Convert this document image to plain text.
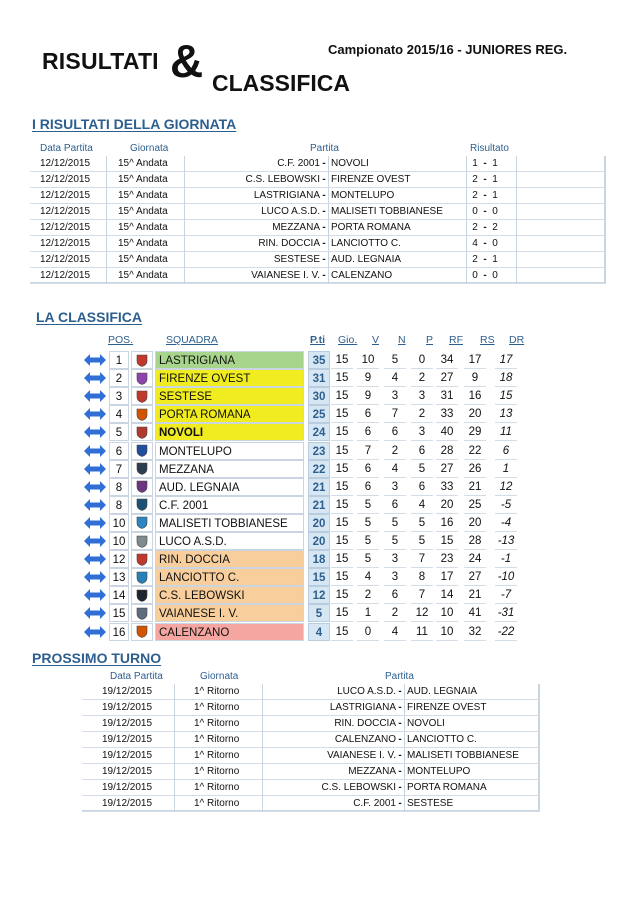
RISULTATI & CLASSIFICA
Campionato 2015/16 - JUNIORES REG.
I RISULTATI DELLA GIORNATA
Data Partita	Giornata	Partita	Risultato
12/12/2015	15^ Andata	C.F. 2001 - NOVOLI	1 - 1
12/12/2015	15^ Andata	C.S. LEBOWSKI - FIRENZE OVEST	2 - 1
12/12/2015	15^ Andata	LASTRIGIANA - MONTELUPO	2 - 1
12/12/2015	15^ Andata	LUCO A.S.D. - MALISETI TOBBIANESE	0 - 0
12/12/2015	15^ Andata	MEZZANA - PORTA ROMANA	2 - 2
12/12/2015	15^ Andata	RIN. DOCCIA - LANCIOTTO C.	4 - 0
12/12/2015	15^ Andata	SESTESE - AUD. LEGNAIA	2 - 1
12/12/2015	15^ Andata	VAIANESE I. V. - CALENZANO	0 - 0
LA CLASSIFICA
POS.	SQUADRA	P.ti Gio. V N P RF RS DR
1	LASTRIGIANA	35 15	10	5	0	34	17	17
2	FIRENZE OVEST	31 15	9	4	2	27	9	18
3	SESTESE	30 15	9	3	3	31	16	15
4	PORTA ROMANA	25 15	6	7	2	33	20	13
5	NOVOLI	24 15	6	6	3	40	29	11
6	MONTELUPO	23 15	7	2	6	28	22	6
7	MEZZANA	22 15	6	4	5	27	26	1
8	AUD. LEGNAIA	21 15	6	3	6	33	21	12
8	C.F. 2001	21 15	5	6	4	20	25	-5
10	MALISETI TOBBIANESE	20 15	5	5	5	16	20	-4
10	LUCO A.S.D.	20 15	5	5	5	15	28	-13
12	RIN. DOCCIA	18 15	5	3	7	23	24	-1
13	LANCIOTTO C.	15 15	4	3	8	17	27	-10
14	C.S. LEBOWSKI	12 15	2	6	7	14	21	-7
15	VAIANESE I. V.	5	15	1	2	12	10	41	-31
16	CALENZANO	4	15	0	4	11	10	32	-22
PROSSIMO TURNO
Data Partita	Giornata	Partita
19/12/2015	1^ Ritorno	LUCO A.S.D. - AUD. LEGNAIA
19/12/2015	1^ Ritorno	LASTRIGIANA - FIRENZE OVEST
19/12/2015	1^ Ritorno	RIN. DOCCIA - NOVOLI
19/12/2015	1^ Ritorno	CALENZANO - LANCIOTTO C.
19/12/2015	1^ Ritorno	VAIANESE I. V. - MALISETI TOBBIANESE
19/12/2015	1^ Ritorno	MEZZANA - MONTELUPO
19/12/2015	1^ Ritorno	C.S. LEBOWSKI - PORTA ROMANA
19/12/2015	1^ Ritorno	C.F. 2001 - SESTESE
